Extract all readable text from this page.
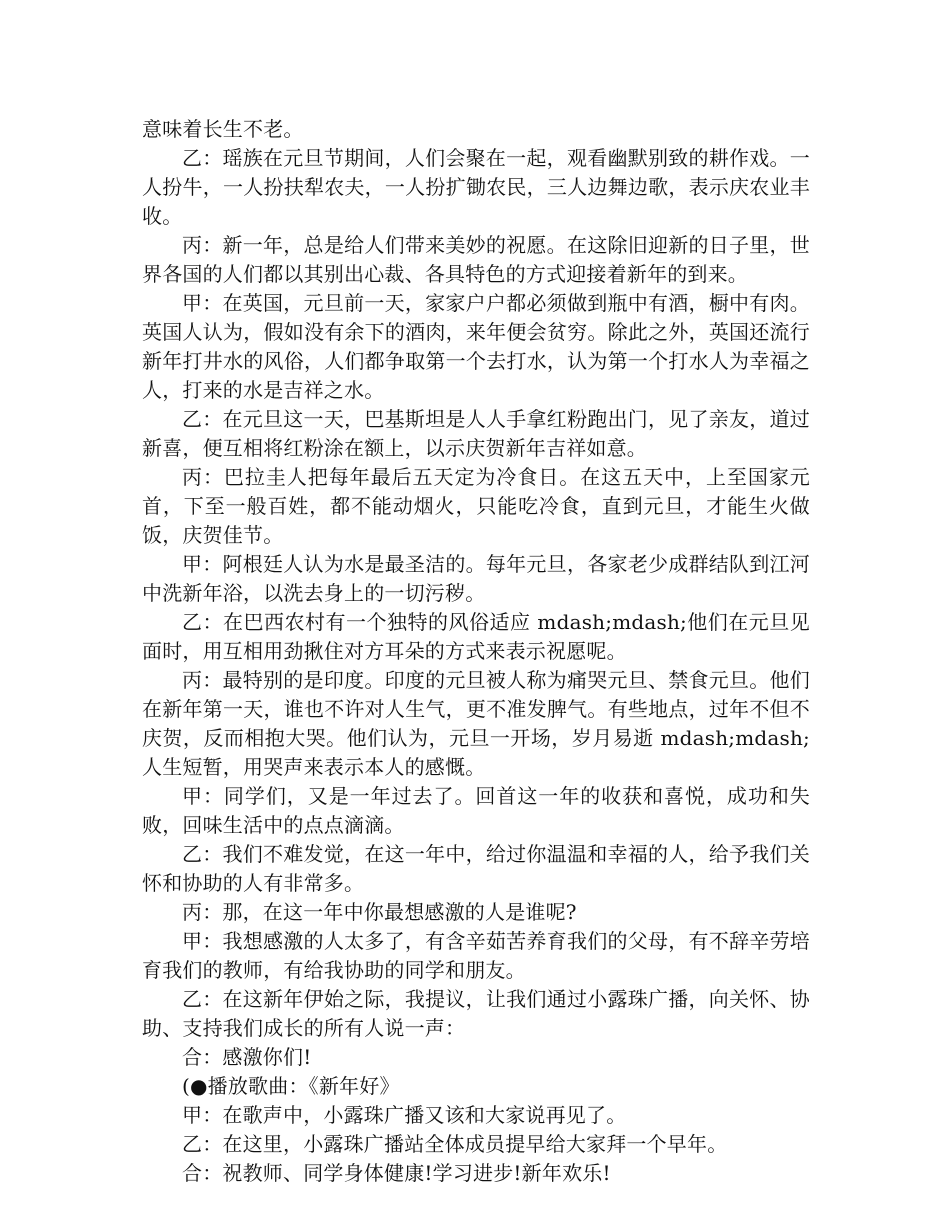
意味着长生不老。

乙：瑶族在元旦节期间，人们会聚在一起，观看幽默别致的耕作戏。一人扮牛，一人扮扶犁农夫，一人扮扩锄农民，三人边舞边歌，表示庆农业丰收。

丙：新一年，总是给人们带来美妙的祝愿。在这除旧迎新的日子里，世界各国的人们都以其别出心裁、各具特色的方式迎接着新年的到来。

甲：在英国，元旦前一天，家家户户都必须做到瓶中有酒，橱中有肉。英国人认为，假如没有余下的酒肉，来年便会贫穷。除此之外，英国还流行新年打井水的风俗，人们都争取第一个去打水，认为第一个打水人为幸福之人，打来的水是吉祥之水。

乙：在元旦这一天，巴基斯坦是人人手拿红粉跑出门，见了亲友，道过新喜，便互相将红粉涂在额上，以示庆贺新年吉祥如意。

丙：巴拉圭人把每年最后五天定为冷食日。在这五天中，上至国家元首，下至一般百姓，都不能动烟火，只能吃冷食，直到元旦，才能生火做饭，庆贺佳节。

甲：阿根廷人认为水是最圣洁的。每年元旦，各家老少成群结队到江河中洗新年浴，以洗去身上的一切污秽。

乙：在巴西农村有一个独特的风俗适应 mdash;mdash;他们在元旦见面时，用互相用劲揪住对方耳朵的方式来表示祝愿呢。

丙：最特别的是印度。印度的元旦被人称为痛哭元旦、禁食元旦。他们在新年第一天，谁也不许对人生气，更不准发脾气。有些地点，过年不但不庆贺，反而相抱大哭。他们认为，元旦一开场，岁月易逝 mdash;mdash;人生短暂，用哭声来表示本人的感慨。

甲：同学们，又是一年过去了。回首这一年的收获和喜悦，成功和失败，回味生活中的点点滴滴。

乙：我们不难发觉，在这一年中，给过你温温和幸福的人，给予我们关怀和协助的人有非常多。

丙：那，在这一年中你最想感激的人是谁呢?

甲：我想感激的人太多了，有含辛茹苦养育我们的父母，有不辞辛劳培育我们的教师，有给我协助的同学和朋友。

乙：在这新年伊始之际，我提议，让我们通过小露珠广播，向关怀、协助、支持我们成长的所有人说一声：

合：感激你们!

(●播放歌曲：《新年好》

甲：在歌声中，小露珠广播又该和大家说再见了。

乙：在这里，小露珠广播站全体成员提早给大家拜一个早年。

合：祝教师、同学身体健康!学习进步!新年欢乐!
